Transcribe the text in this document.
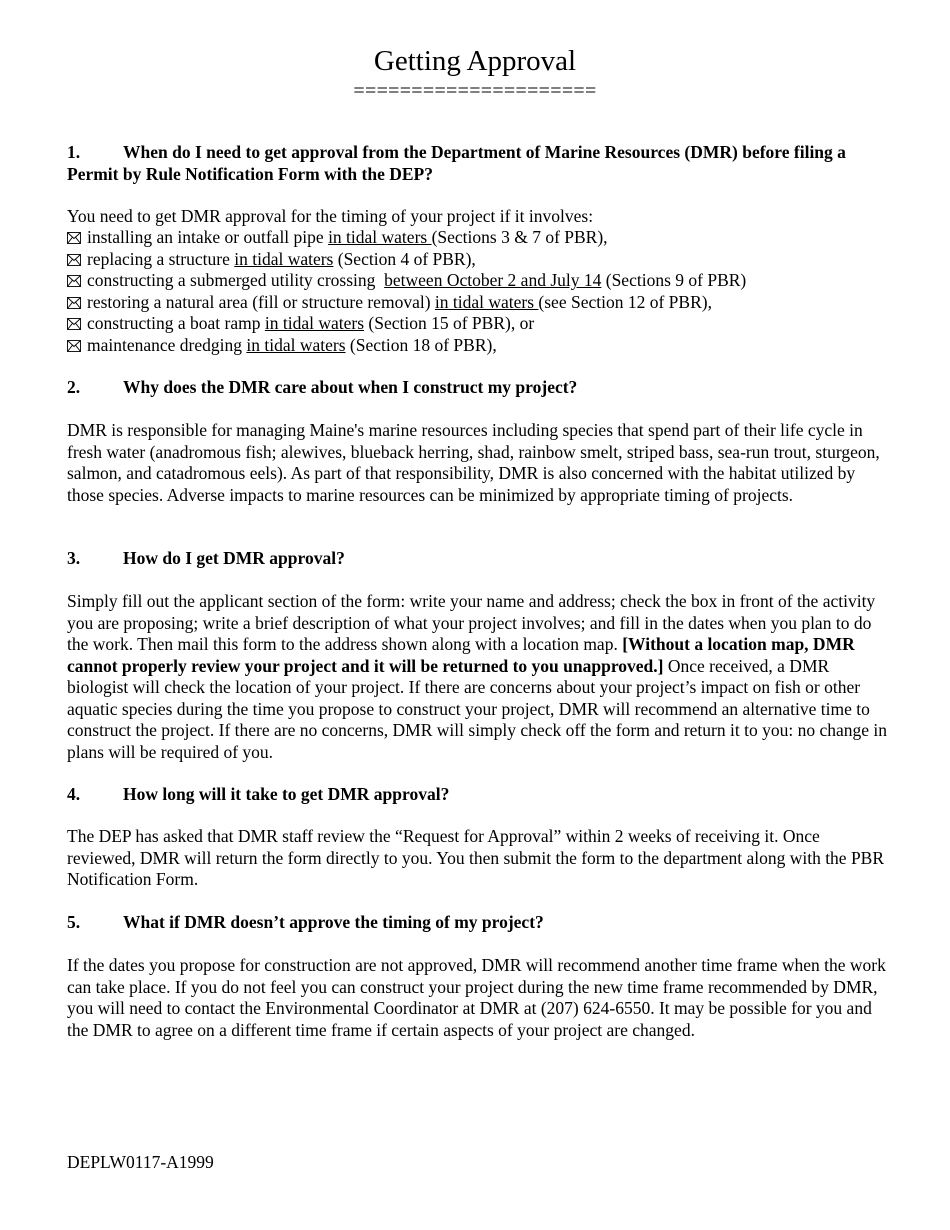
Getting Approval
=====================
1. When do I need to get approval from the Department of Marine Resources (DMR) before filing a Permit by Rule Notification Form with the DEP?
You need to get DMR approval for the timing of your project if it involves:
installing an intake or outfall pipe in tidal waters (Sections 3 & 7 of PBR),
replacing a structure in tidal waters (Section 4 of PBR),
constructing a submerged utility crossing  between October 2 and July 14 (Sections 9 of PBR)
restoring a natural area (fill or structure removal) in tidal waters (see Section 12 of PBR),
constructing a boat ramp in tidal waters (Section 15 of PBR), or
maintenance dredging in tidal waters (Section 18 of PBR),
2. Why does the DMR care about when I construct my project?
DMR is responsible for managing Maine's marine resources including species that spend part of their life cycle in fresh water (anadromous fish; alewives, blueback herring, shad, rainbow smelt, striped bass, sea-run trout, sturgeon, salmon, and catadromous eels). As part of that responsibility, DMR is also concerned with the habitat utilized by those species. Adverse impacts to marine resources can be minimized by appropriate timing of projects.
3. How do I get DMR approval?
Simply fill out the applicant section of the form: write your name and address; check the box in front of the activity you are proposing; write a brief description of what your project involves; and fill in the dates when you plan to do the work. Then mail this form to the address shown along with a location map. [Without a location map, DMR cannot properly review your project and it will be returned to you unapproved.] Once received, a DMR biologist will check the location of your project. If there are concerns about your project’s impact on fish or other aquatic species during the time you propose to construct your project, DMR will recommend an alternative time to construct the project. If there are no concerns, DMR will simply check off the form and return it to you: no change in plans will be required of you.
4. How long will it take to get DMR approval?
The DEP has asked that DMR staff review the “Request for Approval” within 2 weeks of receiving it. Once reviewed, DMR will return the form directly to you. You then submit the form to the department along with the PBR Notification Form.
5. What if DMR doesn’t approve the timing of my project?
If the dates you propose for construction are not approved, DMR will recommend another time frame when the work can take place. If you do not feel you can construct your project during the new time frame recommended by DMR, you will need to contact the Environmental Coordinator at DMR at (207) 624-6550. It may be possible for you and the DMR to agree on a different time frame if certain aspects of your project are changed.
DEPLW0117-A1999
